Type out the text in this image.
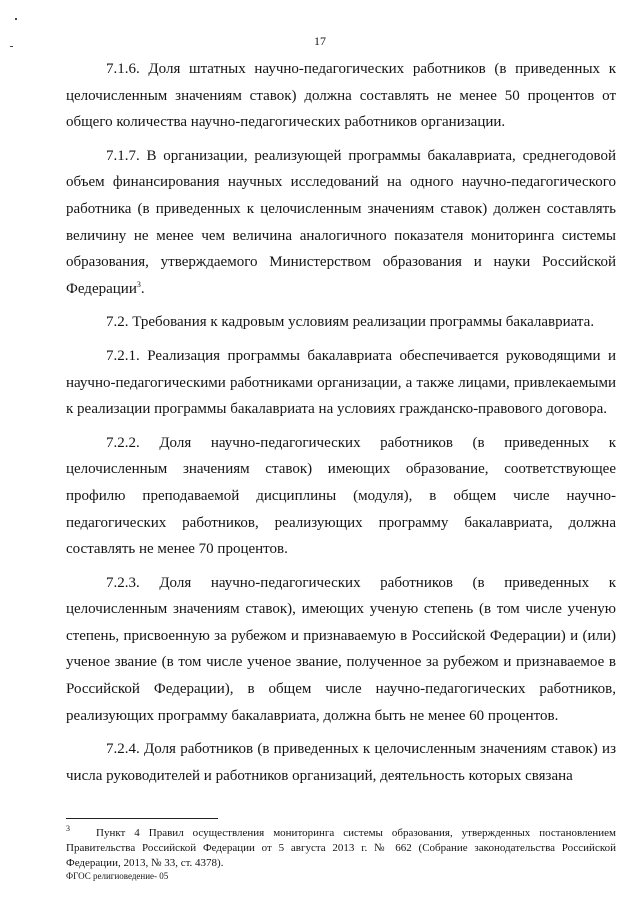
17

7.1.6. Доля штатных научно-педагогических работников (в приведенных к целочисленным значениям ставок) должна составлять не менее 50 процентов от общего количества научно-педагогических работников организации.

7.1.7. В организации, реализующей программы бакалавриата, среднегодовой объем финансирования научных исследований на одного научно-педагогического работника (в приведенных к целочисленным значениям ставок) должен составлять величину не менее чем величина аналогичного показателя мониторинга системы образования, утверждаемого Министерством образования и науки Российской Федерации$^3$.

7.2. Требования к кадровым условиям реализации программы бакалавриата.

7.2.1. Реализация программы бакалавриата обеспечивается руководящими и научно-педагогическими работниками организации, а также лицами, привлекаемыми к реализации программы бакалавриата на условиях гражданско-правового договора.

7.2.2. Доля научно-педагогических работников (в приведенных к целочисленным значениям ставок) имеющих образование, соответствующее профилю преподаваемой дисциплины (модуля), в общем числе научно-педагогических работников, реализующих программу бакалавриата, должна составлять не менее 70 процентов.

7.2.3. Доля научно-педагогических работников (в приведенных к целочисленным значениям ставок), имеющих ученую степень (в том числе ученую степень, присвоенную за рубежом и признаваемую в Российской Федерации) и (или) ученое звание (в том числе ученое звание, полученное за рубежом и признаваемое в Российской Федерации), в общем числе научно-педагогических работников, реализующих программу бакалавриата, должна быть не менее 60 процентов.

7.2.4. Доля работников (в приведенных к целочисленным значениям ставок) из числа руководителей и работников организаций, деятельность которых связана

$^3$ Пункт 4 Правил осуществления мониторинга системы образования, утвержденных постановлением Правительства Российской Федерации от 5 августа 2013 г. № 662 (Собрание законодательства Российской Федерации, 2013, № 33, ст. 4378).
ФГОС религиоведение- 05
